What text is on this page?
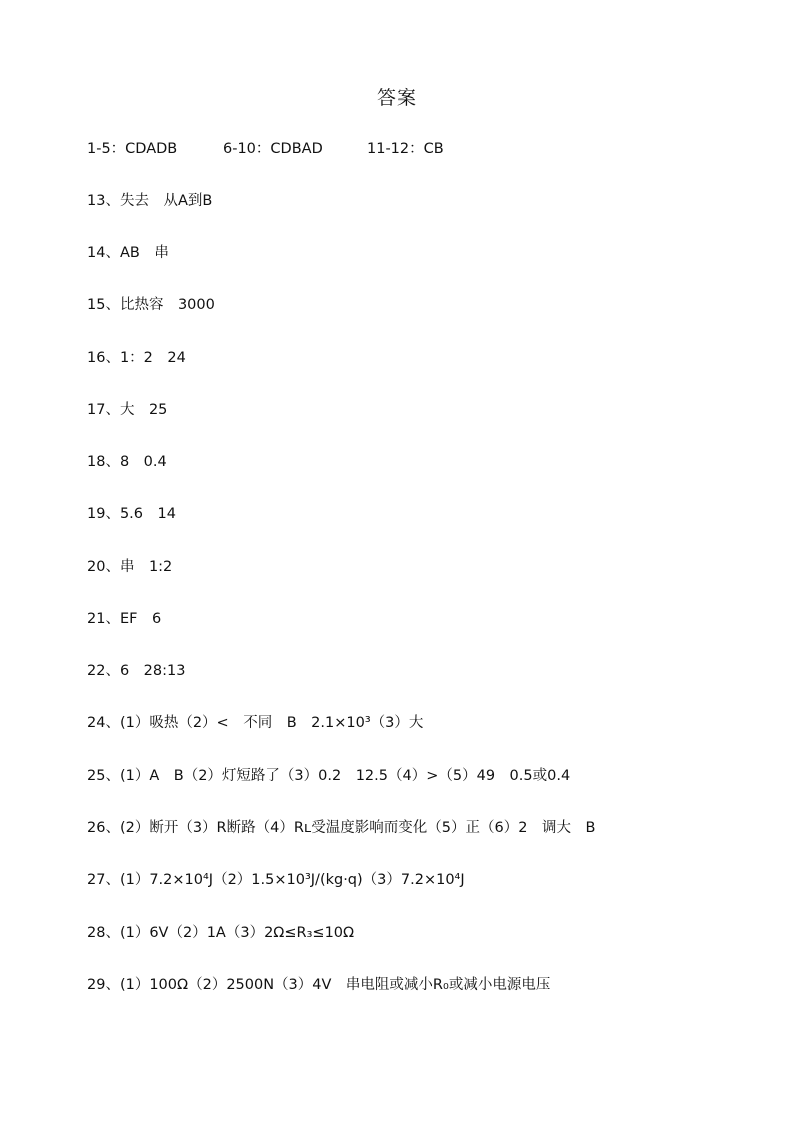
答案

1-5：CDADB

	6-10：CDBAD

	11-12：CB

13、失去　从A到B
14、AB　串
15、比热容　3000
16、1：2　24
17、大　25
18、8　0.4
19、5.6　14
20、串　1:2
21、EF　6
22、6　28:13
24、(1）吸热（2）<　不同　B　2.1×10³（3）大
25、(1）A　B（2）灯短路了（3）0.2　12.5（4）>（5）49　0.5或0.4
26、(2）断开（3）R断路（4）Rʟ受温度影响而变化（5）正（6）2　调大　B
27、(1）7.2×10⁴J（2）1.5×10³J/(kg·q)（3）7.2×10⁴J
28、(1）6V（2）1A（3）2Ω≤R₃≤10Ω
29、(1）100Ω（2）2500N（3）4V　串电阻或减小R₀或减小电源电压
